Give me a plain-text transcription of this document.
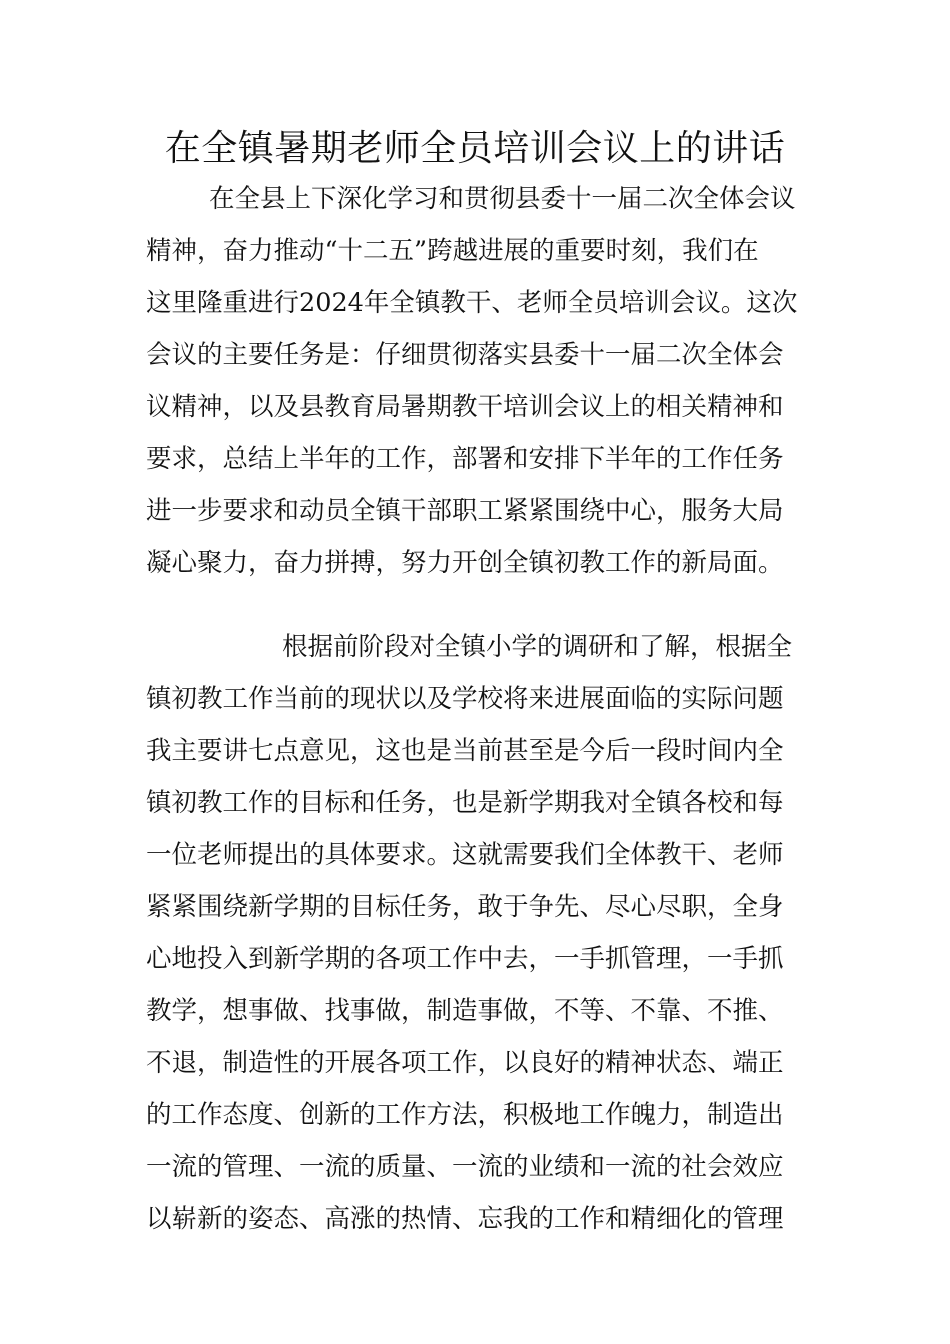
在全镇暑期老师全员培训会议上的讲话
在全县上下深化学习和贯彻县委十一届二次全体会议
精神，奋力推动“十二五”跨越进展的重要时刻，我们在
这里隆重进行2024年全镇教干、老师全员培训会议。这次
会议的主要任务是：仔细贯彻落实县委十一届二次全体会
议精神，以及县教育局暑期教干培训会议上的相关精神和
要求，总结上半年的工作，部署和安排下半年的工作任务
进一步要求和动员全镇干部职工紧紧围绕中心，服务大局
凝心聚力，奋力拼搏，努力开创全镇初教工作的新局面。
根据前阶段对全镇小学的调研和了解，根据全
镇初教工作当前的现状以及学校将来进展面临的实际问题
我主要讲七点意见，这也是当前甚至是今后一段时间内全
镇初教工作的目标和任务，也是新学期我对全镇各校和每
一位老师提出的具体要求。这就需要我们全体教干、老师
紧紧围绕新学期的目标任务，敢于争先、尽心尽职，全身
心地投入到新学期的各项工作中去，一手抓管理，一手抓
教学，想事做、找事做，制造事做，不等、不靠、不推、
不退，制造性的开展各项工作，以良好的精神状态、端正
的工作态度、创新的工作方法，积极地工作魄力，制造出
一流的管理、一流的质量、一流的业绩和一流的社会效应
以崭新的姿态、高涨的热情、忘我的工作和精细化的管理
